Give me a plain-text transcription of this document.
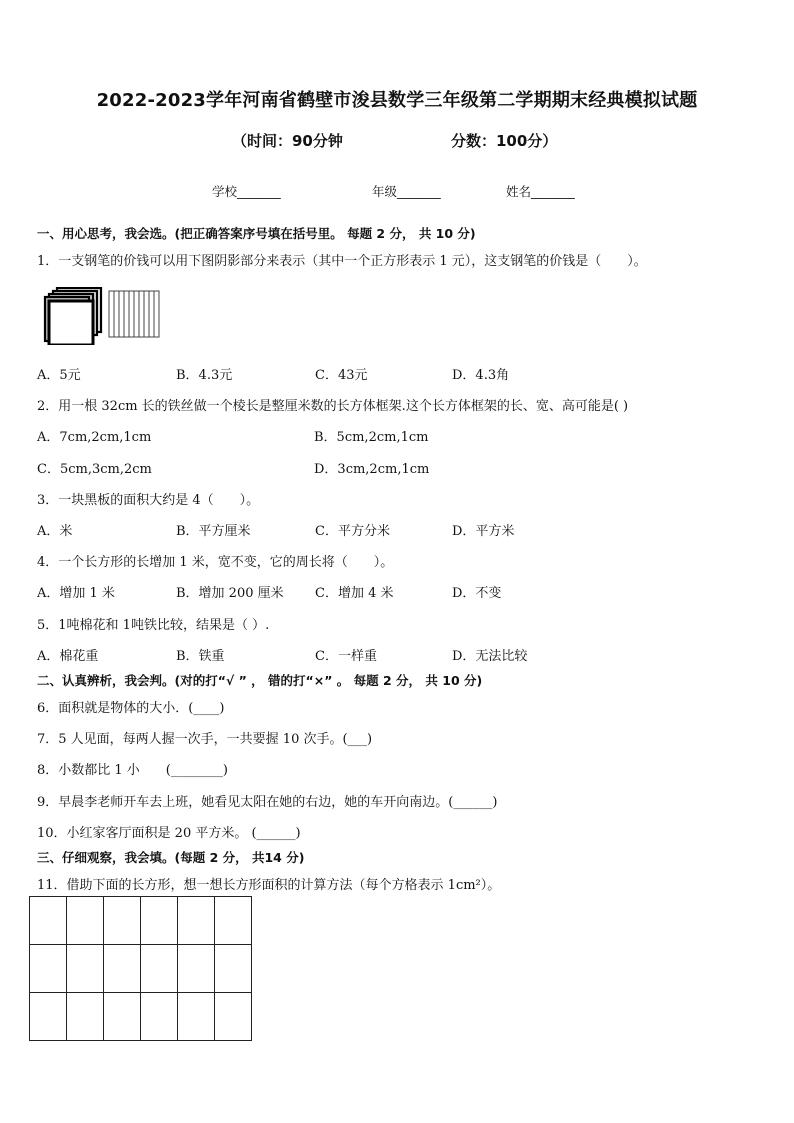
2022-2023学年河南省鹤壁市浚县数学三年级第二学期期末经典模拟试题
（时间：90分钟	分数：100分）
学校_______	年级_______	姓名_______
一、用心思考，我会选。(把正确答案序号填在括号里。 每题 2 分， 共 10 分)
1．一支钢笔的价钱可以用下图阴影部分来表示（其中一个正方形表示 1 元），这支钢笔的价钱是（　　）。
A．5元	B．4.3元	C．43元	D．4.3角
2．用一根 32cm 长的铁丝做一个棱长是整厘米数的长方体框架.这个长方体框架的长、宽、高可能是( )
A．7cm,2cm,1cm	B．5cm,2cm,1cm
C．5cm,3cm,2cm	D．3cm,2cm,1cm
3．一块黑板的面积大约是 4（　　）。
A．米	B．平方厘米	C．平方分米	D．平方米
4．一个长方形的长增加 1 米，宽不变，它的周长将（　　）。
A．增加 1 米	B．增加 200 厘米 C．增加 4 米	D．不变
5．1吨棉花和 1吨铁比较，结果是（ ）.
A．棉花重	B．铁重	C．一样重	D．无法比较
二、认真辨析，我会判。(对的打“√ ” ， 错的打“×” 。 每题 2 分， 共 10 分)
6．面积就是物体的大小．(____)
7．5 人见面，每两人握一次手，一共要握 10 次手。(___)
8．小数都比 1 小　　(________)
9．早晨李老师开车去上班，她看见太阳在她的右边，她的车开向南边。(______)
10．小红家客厅面积是 20 平方米。 (______)
三、仔细观察，我会填。(每题 2 分， 共14 分)
11．借助下面的长方形，想一想长方形面积的计算方法（每个方格表示 1cm²）。
